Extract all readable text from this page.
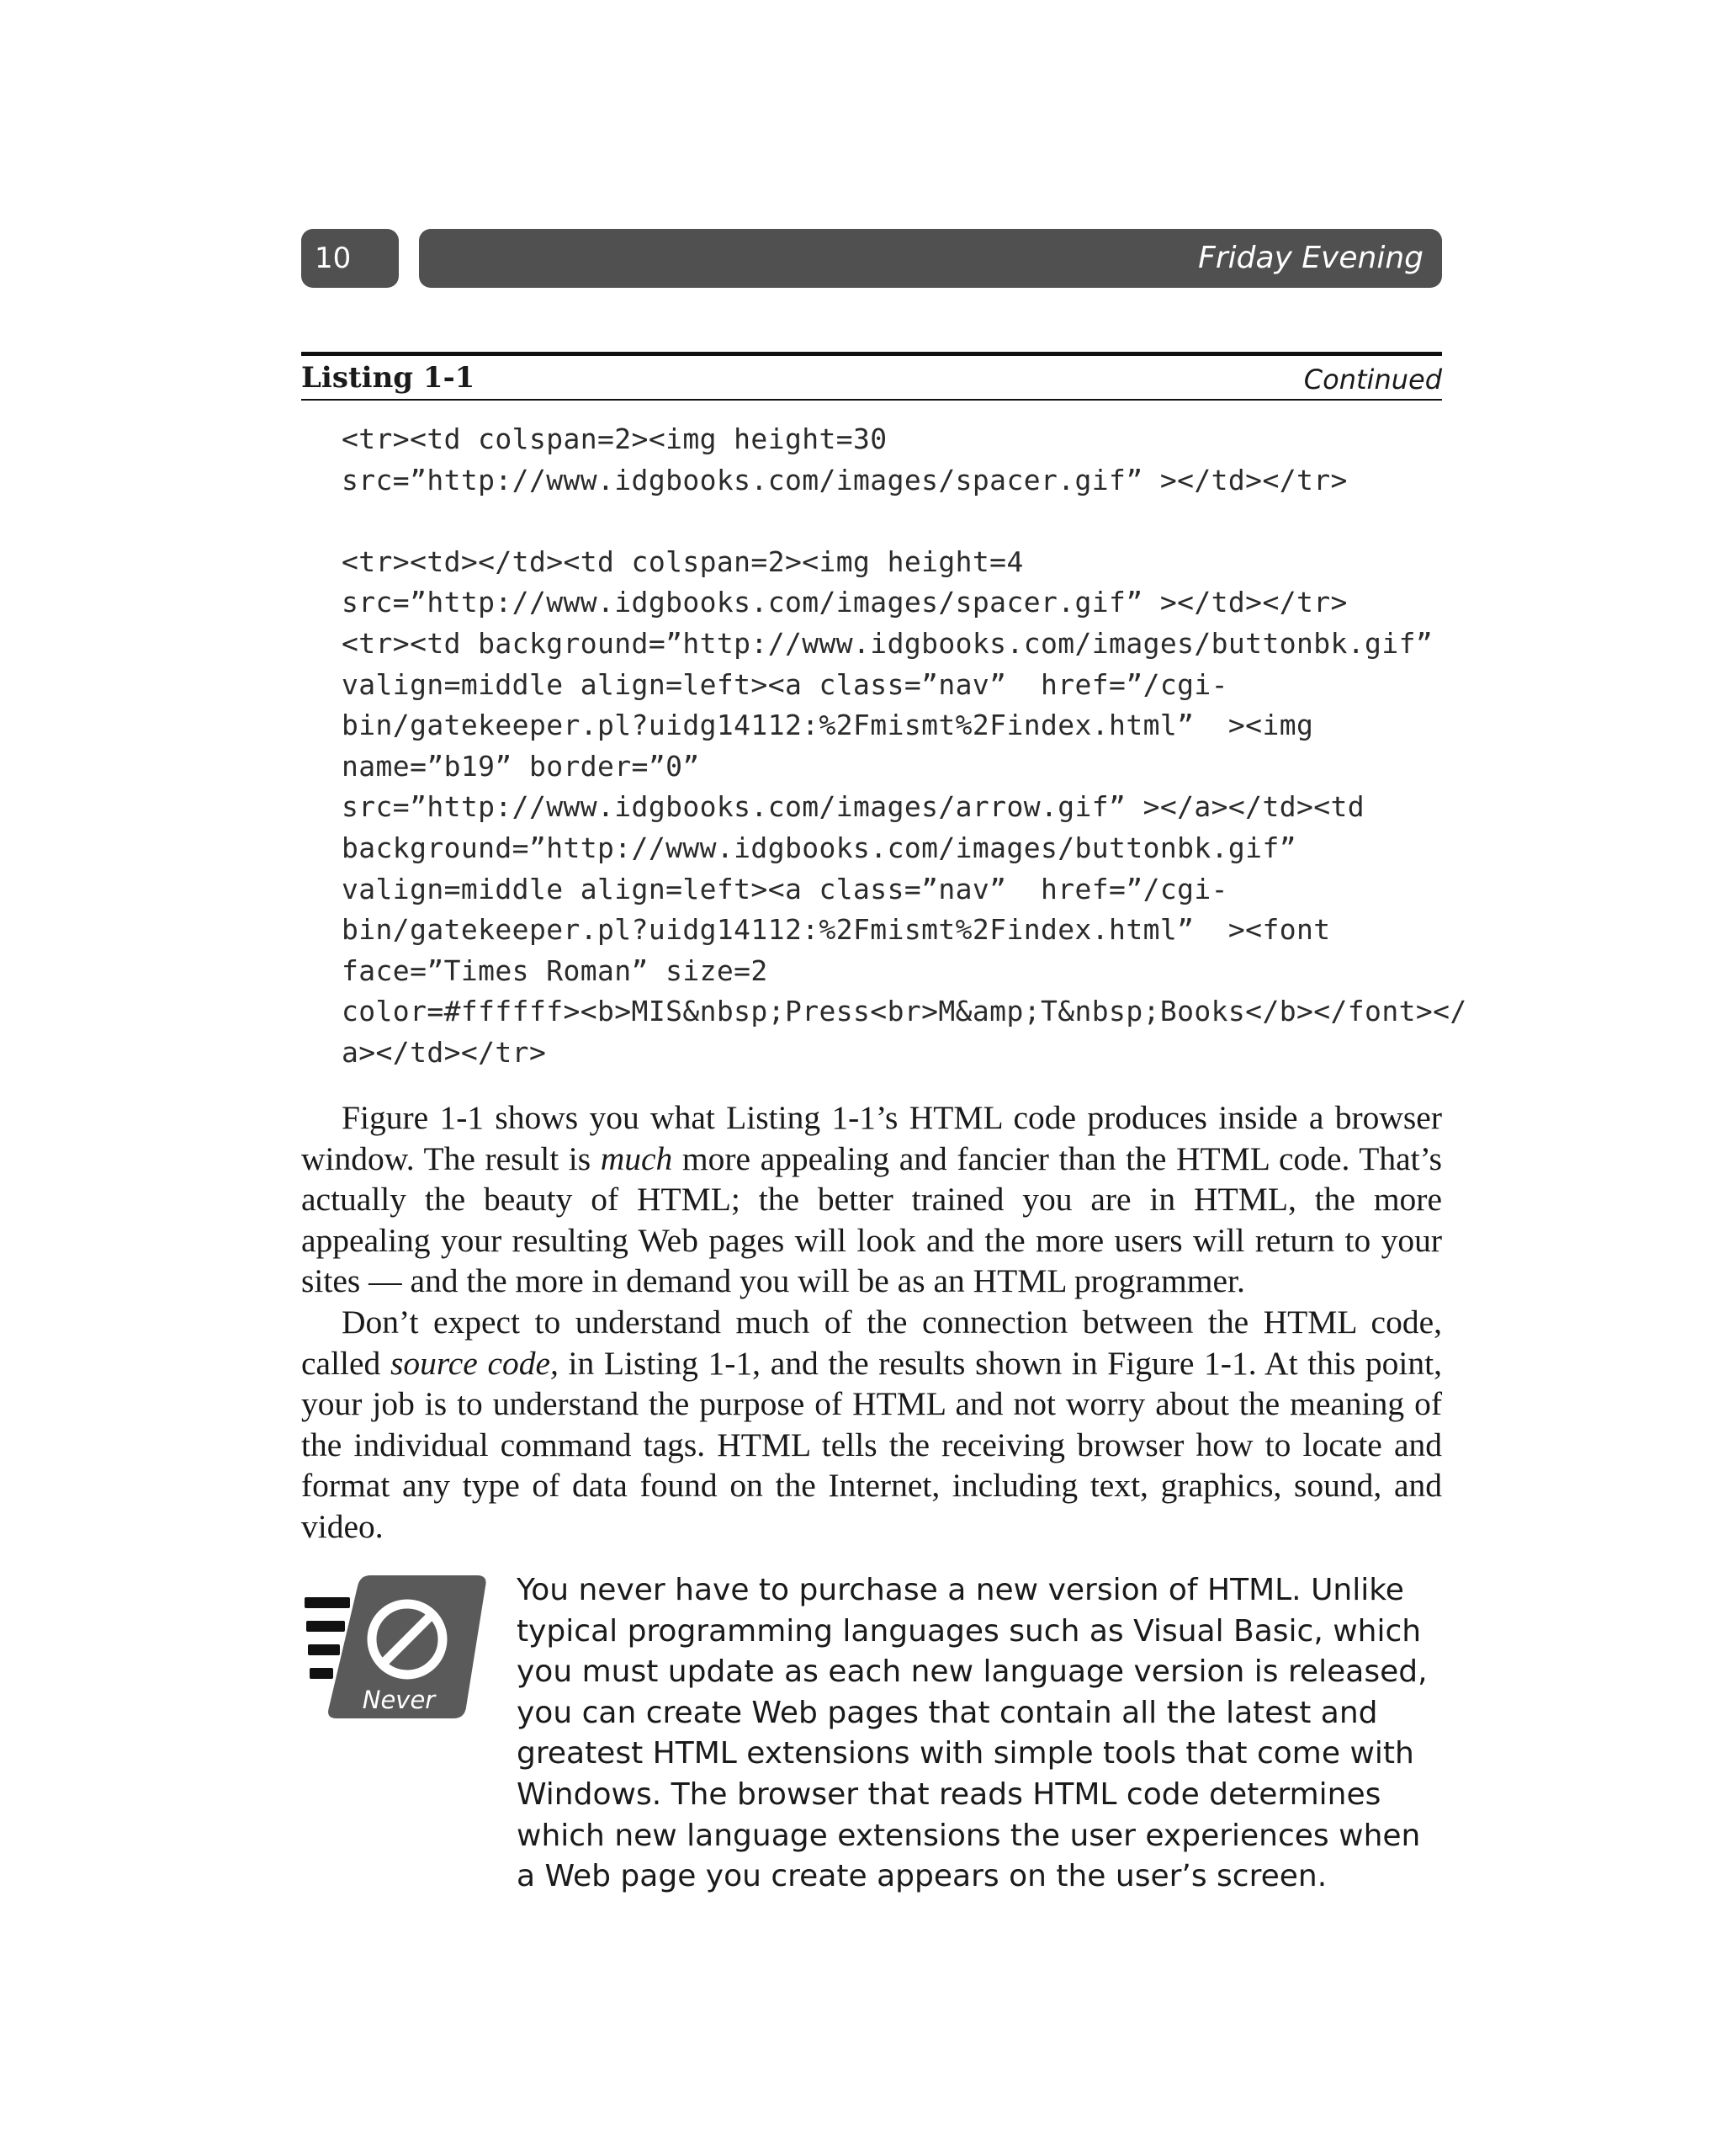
10	Friday Evening
Listing 1-1	Continued
<tr><td colspan=2><img height=30
src=”http://www.idgbooks.com/images/spacer.gif” ></td></tr>
<tr><td></td><td colspan=2><img height=4
src=”http://www.idgbooks.com/images/spacer.gif” ></td></tr>
<tr><td background=”http://www.idgbooks.com/images/buttonbk.gif”
valign=middle align=left><a class=”nav”  href=”/cgi-
bin/gatekeeper.pl?uidg14112:%2Fmismt%2Findex.html”  ><img
name=”b19” border=”0”
src=”http://www.idgbooks.com/images/arrow.gif” ></a></td><td
background=”http://www.idgbooks.com/images/buttonbk.gif”
valign=middle align=left><a class=”nav”  href=”/cgi-
bin/gatekeeper.pl?uidg14112:%2Fmismt%2Findex.html”  ><font
face=”Times Roman” size=2
color=#ffffff><b>MIS&nbsp;Press<br>M&amp;T&nbsp;Books</b></font></
a></td></tr>

Figure 1-1 shows you what Listing 1-1’s HTML code produces inside a browser window. The result is much more appealing and fancier than the HTML code. That’s actually the beauty of HTML; the better trained you are in HTML, the more appealing your resulting Web pages will look and the more users will return to your sites — and the more in demand you will be as an HTML programmer.

Don’t expect to understand much of the connection between the HTML code, called source code, in Listing 1-1, and the results shown in Figure 1-1. At this point, your job is to understand the purpose of HTML and not worry about the meaning of the individual command tags. HTML tells the receiving browser how to locate and format any type of data found on the Internet, including text, graphics, sound, and video.

Never

You never have to purchase a new version of HTML. Unlike typical programming languages such as Visual Basic, which you must update as each new language version is released, you can create Web pages that contain all the latest and greatest HTML extensions with simple tools that come with Windows. The browser that reads HTML code determines which new language extensions the user experiences when a Web page you create appears on the user’s screen.
